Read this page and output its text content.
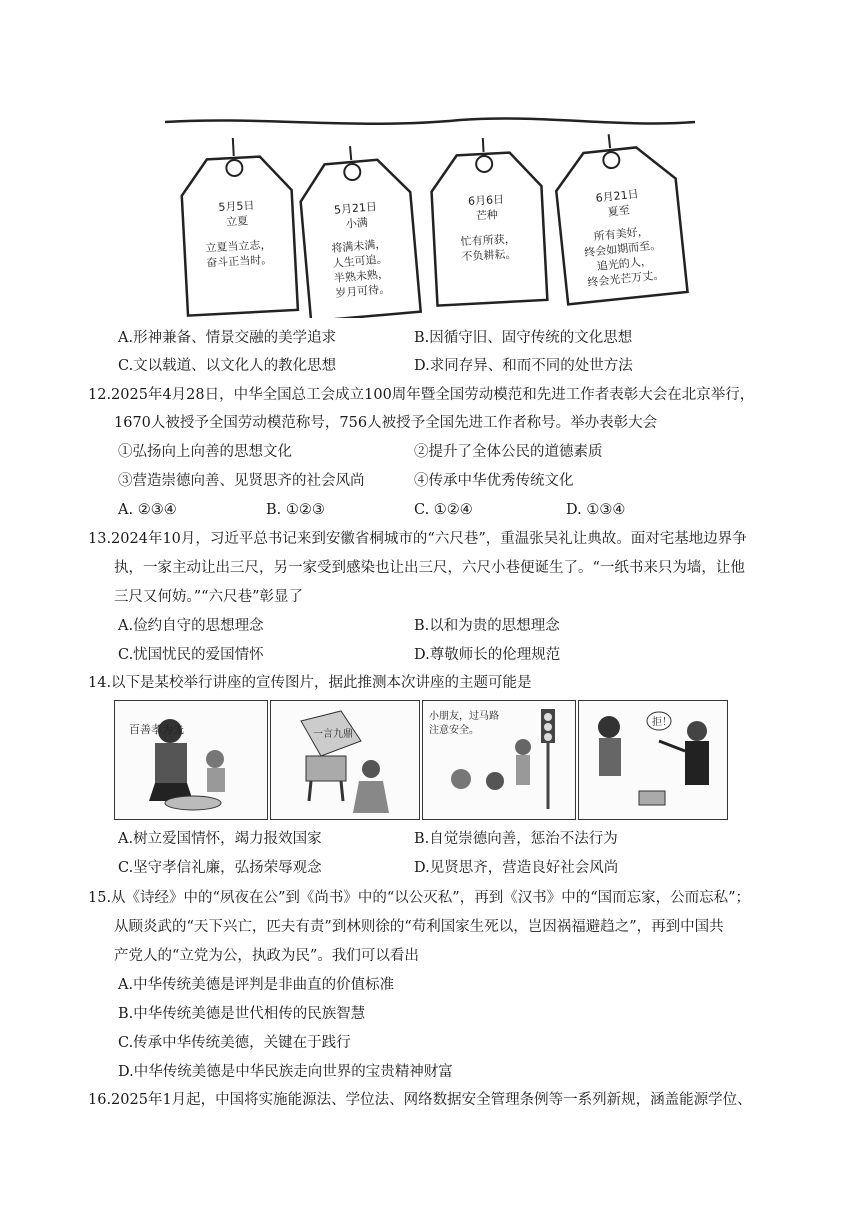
5月5日
立夏
立夏当立志，
奋斗正当时。
5月21日
小满
将满未满，
人生可追。
半熟未熟，
岁月可待。
6月6日
芒种
忙有所获，
不负耕耘。
6月21日
夏至
所有美好，
终会如期而至。
追光的人，
终会光芒万丈。
A.形神兼备、情景交融的美学追求	B.因循守旧、固守传统的文化思想
C.文以载道、以文化人的教化思想	D.求同存异、和而不同的处世方法
12.2025年4月28日，中华全国总工会成立100周年暨全国劳动模范和先进工作者表彰大会在北京举行，
1670人被授予全国劳动模范称号，756人被授予全国先进工作者称号。举办表彰大会
①弘扬向上向善的思想文化	②提升了全体公民的道德素质
③营造崇德向善、见贤思齐的社会风尚	④传承中华优秀传统文化
A. ②③④	B. ①②③	C. ①②④	D. ①③④
13.2024年10月，习近平总书记来到安徽省桐城市的“六尺巷”，重温张吴礼让典故。面对宅基地边界争
执，一家主动让出三尺，另一家受到感染也让出三尺，六尺小巷便诞生了。“一纸书来只为墙，让他
三尺又何妨。”“六尺巷”彰显了
A.俭约自守的思想理念	B.以和为贵的思想理念
C.忧国忧民的爱国情怀	D.尊敬师长的伦理规范
14.以下是某校举行讲座的宣传图片，据此推测本次讲座的主题可能是
百善孝为先	一言九鼎
小朋友，过马路
注意安全。
拒！
A.树立爱国情怀，竭力报效国家	B.自觉崇德向善，惩治不法行为
C.坚守孝信礼廉，弘扬荣辱观念	D.见贤思齐，营造良好社会风尚
15.从《诗经》中的“夙夜在公”到《尚书》中的“以公灭私”，再到《汉书》中的“国而忘家，公而忘私”；
从顾炎武的“天下兴亡，匹夫有责”到林则徐的“苟利国家生死以，岂因祸福避趋之”，再到中国共
产党人的“立党为公，执政为民”。我们可以看出
A.中华传统美德是评判是非曲直的价值标准
B.中华传统美德是世代相传的民族智慧
C.传承中华传统美德，关键在于践行
D.中华传统美德是中华民族走向世界的宝贵精神财富
16.2025年1月起，中国将实施能源法、学位法、网络数据安全管理条例等一系列新规，涵盖能源学位、
